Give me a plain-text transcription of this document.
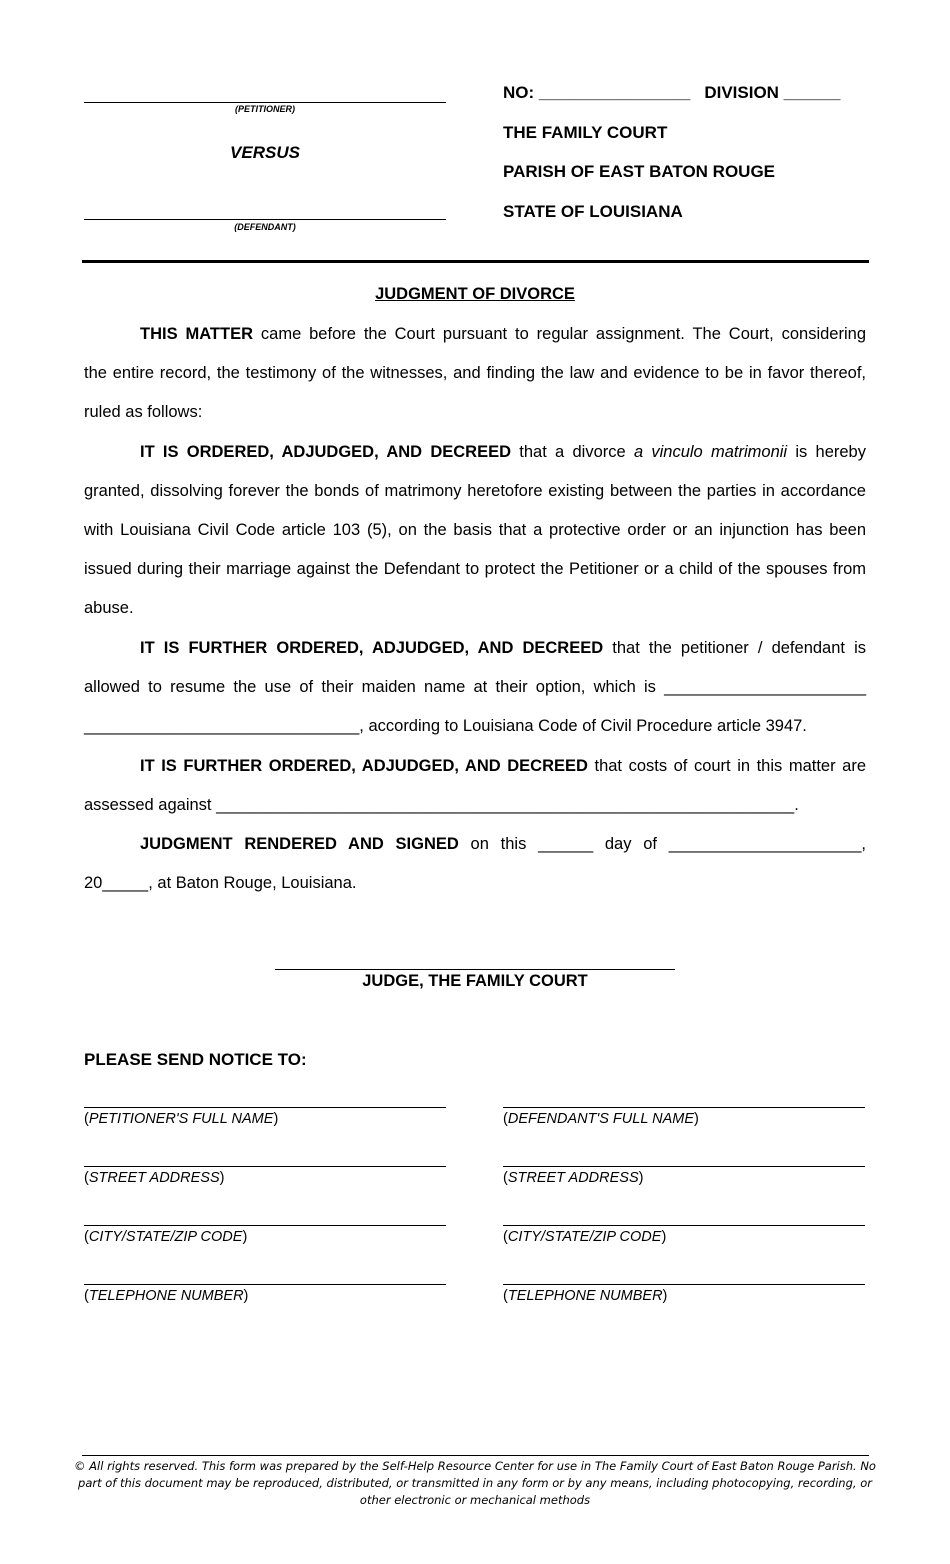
(PETITIONER)
VERSUS
(DEFENDANT)
NO: ________________   DIVISION ______
THE FAMILY COURT
PARISH OF EAST BATON ROUGE
STATE OF LOUISIANA
JUDGMENT OF DIVORCE
THIS MATTER came before the Court pursuant to regular assignment. The Court, considering
the entire record, the testimony of the witnesses, and finding the law and evidence to be in favor thereof,
ruled as follows:
IT IS ORDERED, ADJUDGED, AND DECREED that a divorce a vinculo matrimonii is hereby
granted, dissolving forever the bonds of matrimony heretofore existing between the parties in accordance
with Louisiana Civil Code article 103 (5), on the basis that a protective order or an injunction has been
issued during their marriage against the Defendant to protect the Petitioner or a child of the spouses from
abuse.
IT IS FURTHER ORDERED, ADJUDGED, AND DECREED that the petitioner / defendant is
allowed to resume the use of their maiden name at their option, which is ______________________
______________________________, according to Louisiana Code of Civil Procedure article 3947.
IT IS FURTHER ORDERED, ADJUDGED, AND DECREED that costs of court in this matter are
assessed against _______________________________________________________________.
JUDGMENT RENDERED AND SIGNED on this ______ day of _____________________,
20_____, at Baton Rouge, Louisiana.
JUDGE, THE FAMILY COURT
PLEASE SEND NOTICE TO:
(PETITIONER'S FULL NAME)
(STREET ADDRESS)
(CITY/STATE/ZIP CODE)
(TELEPHONE NUMBER)
(DEFENDANT'S FULL NAME)
(STREET ADDRESS)
(CITY/STATE/ZIP CODE)
(TELEPHONE NUMBER)
© All rights reserved. This form was prepared by the Self-Help Resource Center for use in The Family Court of East Baton Rouge Parish. No
part of this document may be reproduced, distributed, or transmitted in any form or by any means, including photocopying, recording, or
other electronic or mechanical methods
